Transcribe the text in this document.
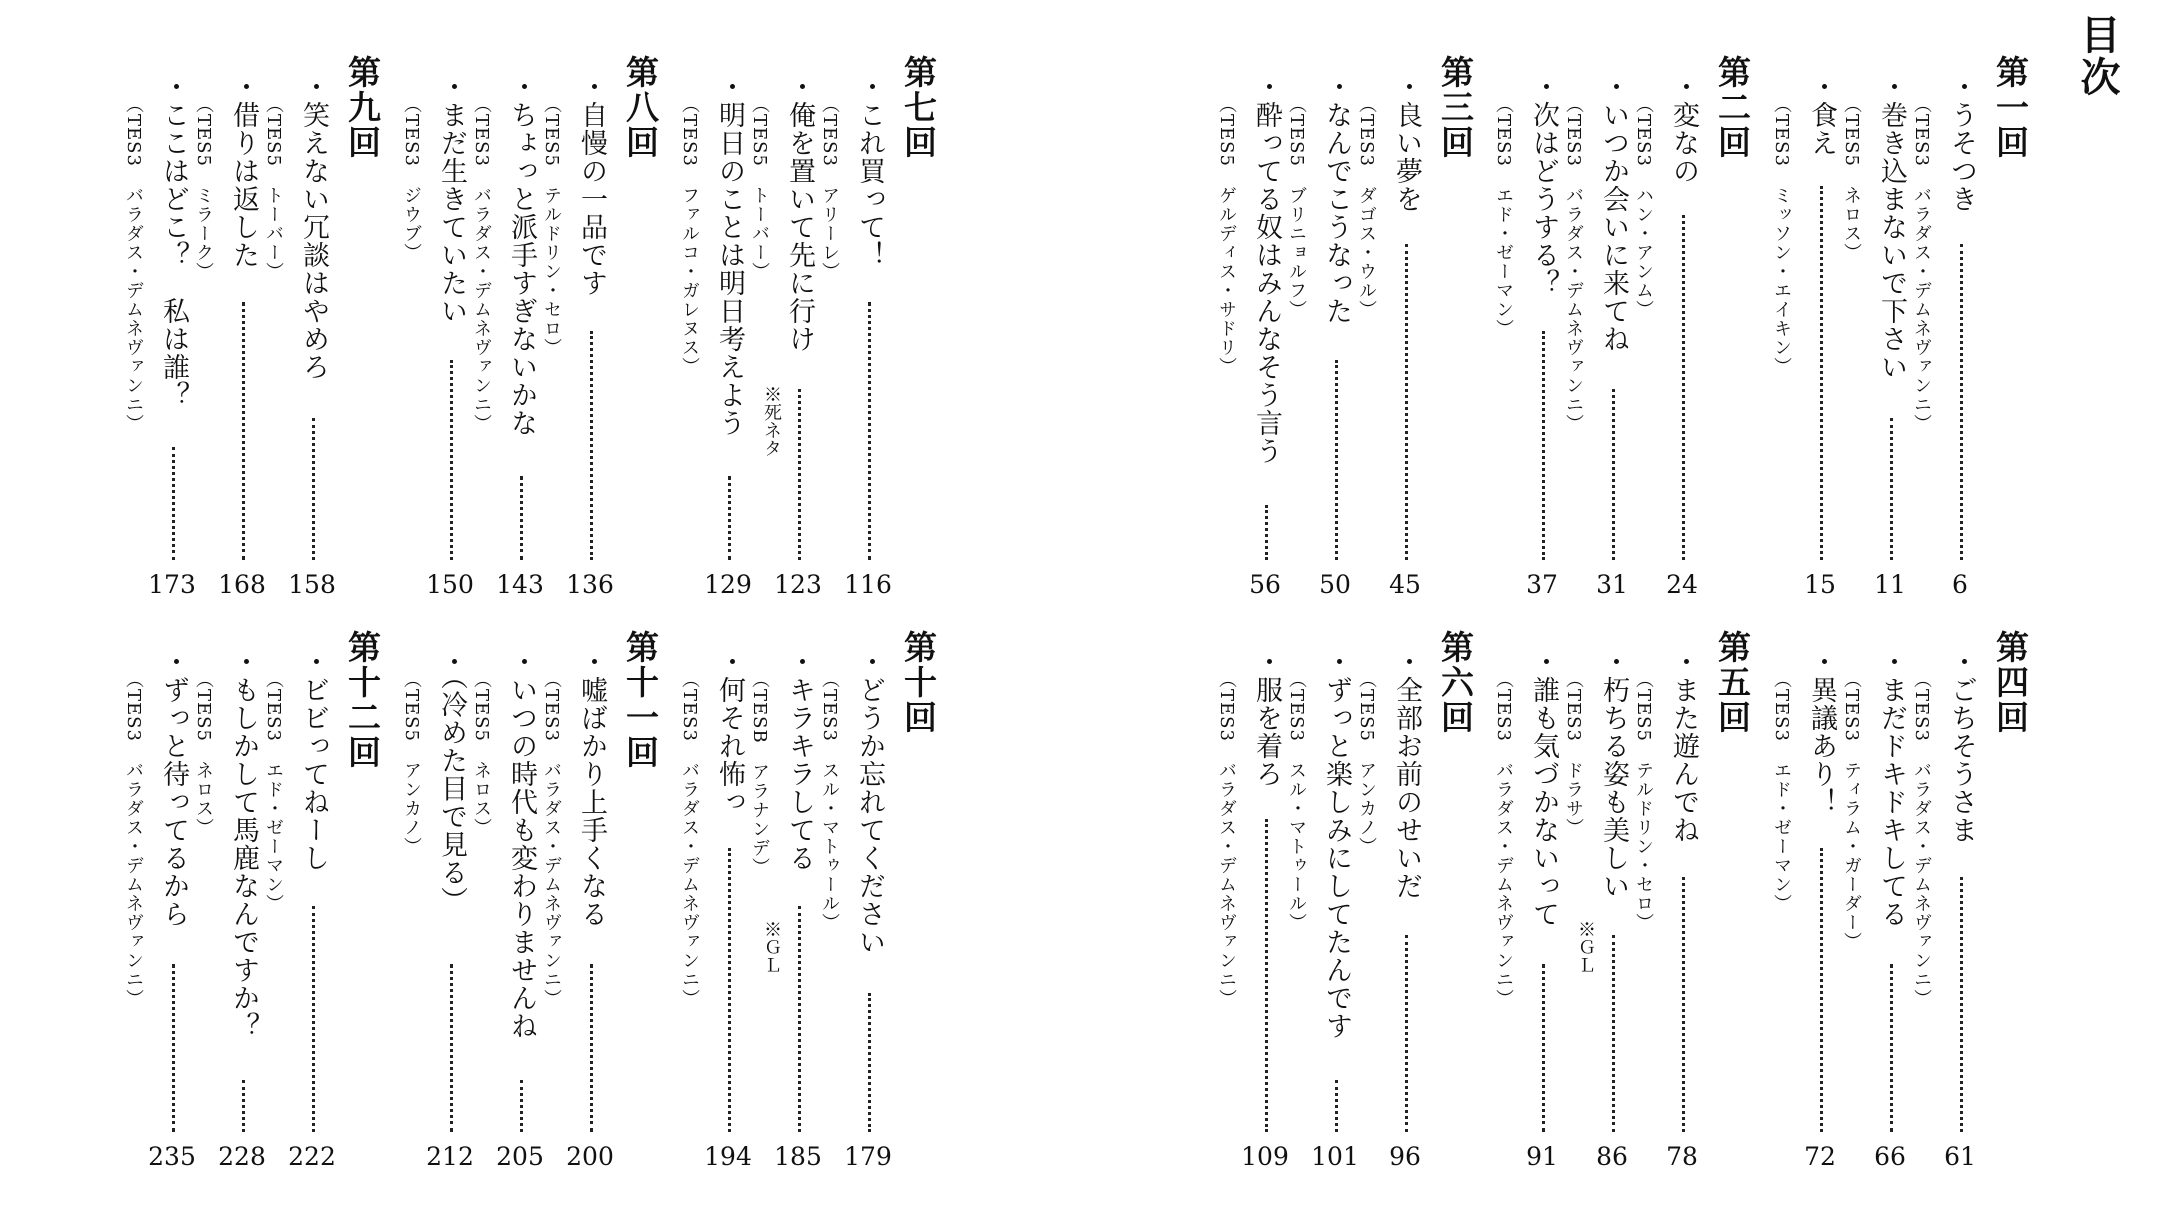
目次
第一回
・うそつき
（TES3　バラダス・デムネヴァンニ）
6
・巻き込まないで下さい
（TES5　ネロス）
11
・食え
（TES3　ミッソン・エイキン）
15
第二回
・変なの
（TES3　ハン・アンム）
24
・いつか会いに来てね
（TES3　バラダス・デムネヴァンニ）
31
・次はどうする？
（TES3　エド・ゼーマン）
37
第三回
・良い夢を
（TES3　ダゴス・ウル）
45
・なんでこうなった
（TES5　ブリニョルフ）
50
・酔ってる奴はみんなそう言う
（TES5　ゲルディス・サドリ）
56
第四回
・ごちそうさま
（TES3　バラダス・デムネヴァンニ）
61
・まだドキドキしてる
（TES3　ティラム・ガーダー）
66
・異議あり！
（TES3　エド・ゼーマン）
72
第五回
・また遊んでね
（TES5　テルドリン・セロ）
78
・朽ちる姿も美しい
（TES3　ドラサ）
※ＧＬ
86
・誰も気づかないって
（TES3　バラダス・デムネヴァンニ）
91
第六回
・全部お前のせいだ
（TES5　アンカノ）
96
・ずっと楽しみにしてたんです
（TES3　スル・マトゥール）
101
・服を着ろ
（TES3　バラダス・デムネヴァンニ）
109
第七回
・これ買って！
（TES3　アリーレ）
116
・俺を置いて先に行け
（TES5　トーバー）
※死ネタ
123
・明日のことは明日考えよう
（TES3　ファルコ・ガレヌス）
129
第八回
・自慢の一品です
（TES5　テルドリン・セロ）
136
・ちょっと派手すぎないかな
（TES3　バラダス・デムネヴァンニ）
143
・まだ生きていたい
（TES3　ジウブ）
150
第九回
・笑えない冗談はやめろ
（TES5　トーバー）
158
・借りは返した
（TES5　ミラーク）
168
・ここはどこ？　私は誰？
（TES3　バラダス・デムネヴァンニ）
173
第十回
・どうか忘れてください
（TES3　スル・マトゥール）
179
・キラキラしてる
（TESB　アラナンデ）
※ＧＬ
185
・何それ怖っ
（TES3　バラダス・デムネヴァンニ）
194
第十一回
・嘘ばかり上手くなる
（TES3　バラダス・デムネヴァンニ）
200
・いつの時代も変わりませんね
（TES5　ネロス）
205
・（冷めた目で見る）
（TES5　アンカノ）
212
第十二回
・ビビってねーし
（TES3　エド・ゼーマン）
222
・もしかして馬鹿なんですか？
（TES5　ネロス）
228
・ずっと待ってるから
（TES3　バラダス・デムネヴァンニ）
235
